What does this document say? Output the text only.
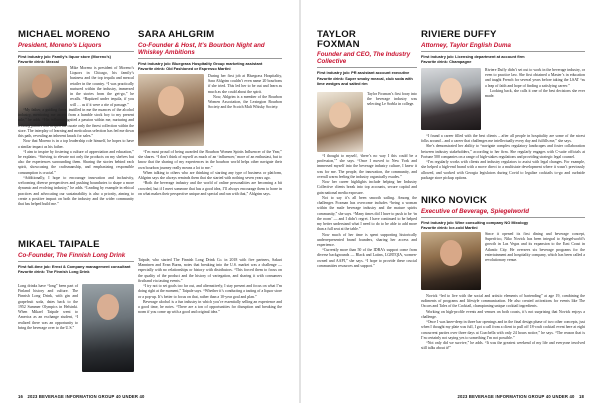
MICHAEL MORENO
President, Moreno’s Liquors
First industry job: Family’s liquor store (Moreno’s)
Favorite drink: Mezcal

Mike Moreno is president of Moreno’s Liquors in Chicago, his family’s business and the top tequila and mezcal retailer in the country. “I was practically nurtured within the industry, immersed in the stories from the get-go,” he recalls. “Baptized under tequila, if you will … as if it were a rite of passage.”

“My father, a guiding force, instilled in me the nuances of the alcohol industry, mentoring me ascent from a humble stock boy to my present role,” he adds. “His influence ignited a passion within me, nurturing and refining palates that helped me curate only the finest collection within the store. The interplay of learning and meticulous selection has fed me down this path, revealing an inherent knack for sales.”

Now that Moreno is in a top leadership role himself, he hopes to have a similar impact as his father.

“I aim to inspire by fostering a culture of appreciation and education,” he explains. “Striving to elevate not only the products on my shelves but also the experiences surrounding them. Sharing the stories behind each spirit, showcasing the craftsmanship, and emphasizing responsible consumption is crucial.”

“Additionally, I hope to encourage innovation and inclusivity, welcoming diverse perspectives and pushing boundaries to shape a more dynamic and evolving industry,” he adds. “Leading by example in ethical practices and advocating our sustainability is also a priority, aiming to create a positive impact on both the industry and the wider community that has helped build me.”

SARA AHLGRIM
Co-Founder & Host, It’s Bourbon Night and Whiskey Ambitions
First industry job: Bluegrass Hospitality Group marketing assistant
Favorite drink: Old Fashioned or Espresso Martini

During her first job at Bluegrass Hospitality, Sara Ahlgrim couldn’t even name 20 bourbons if she tried. This led her to be out and learn as much as she could about the spirit.

Now, Ahlgrim is a member of the Bourbon Women Association, the Lexington Bourbon Society and the Scotch Malt Whisky Society.

“I’m most proud of being awarded the Bourbon Women Spirits Influencer of the Year,” she shares. “I don’t think of myself as much of an ‘influencer,’ more of an enthusiast, but to know that the sharing of my experiences in the bourbon world helps other navigate their own bourbon journey really means a lot to me.”

When talking to others who are thinking of starting any type of business or platform, Ahlgrim says she always reminds them that she started with nothing seven years ago.

“Both the beverage industry and the world of online personalities are becoming a bit crowded, but if I meet someone that has a good idea, I’ll always encourage them to hone in on what makes their perspective unique and special and run with that,” Ahlgrim says.

MIKAEL TAIPALE
Co-Founder, The Finnish Long Drink
First full-time job: Ernst & Company management consultant
Favorite drink: The Finnish Long Drink

Long drinks have “long” been part of Finland history and culture. The Finnish Long Drink, with gin and grapefruit soda, dates back to the 1952 Summer Olympics in Helsinki. When Mikael Taipale went to America as an exchange student, “I realized there was an opportunity to bring the beverage over to the U.S.”

Taipale, who started The Finnish Long Drink Co. in 2018 with five partners, Sakari Manninen and Evan Burns, notes that breaking into the U.S. market was a challenge — especially with no relationships or history with distributors. “This forced them to focus on the quality of the product and the history of variegation, and sharing it with consumers firsthand via tasting events.”

“I try not to set goals too far out, and alternatively, I stay present and focus on what I’m doing right at the moment,” Taipale says. “Whether it’s conducting a tasting of a liquor store or a pop-up. It’s better to focus on that, rather than a 10-year goal and plan.”

Beverage alcohol is a fun industry in which you’re essentially selling an experience and a good time, he notes. “There are a ton of opportunities for disruption and breaking the norm if you come up with a good and original idea.”

16 2023 BEVERAGE INFORMATION GROUP 40 UNDER 40
TAYLOR FOXMAN
Founder and CEO, The Industry Collective
First industry job: PR assistant account executive
Favorite drink: Super smoky mezcal, club soda with lime wedges and salted rim

Taylor Foxman’s first foray into the beverage industry was selecting Le Sorbla in college.

“I thought to myself, ‘there’s no way I this could be a profession,’” she says. “Once I moved to New York and immersed myself into the beverage industry culture, I knew it was for me. The people, the innovation, the community, and overall warm feeling the industry organically exudes.”

Now her career highlights include helping her Industry Collective clients break into top accounts, secure capital and gain national media exposure.

Not to say it’s all been smooth sailing. Among the challenges Foxman has overcome includes “being a woman within the male beverage industry and the mature spirits community,” she says. “Many times did I have to push to be ‘in the room’ — and I didn’t regret. I have continued to be helped my better understand what I need to do to be able to add more than a full seat at the table.”

Now much of her time is spent supporting historically underrepresented brand founders, sharing her access and experience.

“Currently more than 50 of the IDBA’s support come from diverse backgrounds — Black and Latinx, LGBTQIA, women-owned and AAPI,” she says. “I hope to provide these crucial communities resources and support.”

RIVIERE DUFFY
Attorney, Taylor English Duma
First industry job: Licensing department at account firm
Favorite drink: Champagne

Riviere Duffy didn’t set out to work in the beverage industry, or even to practice law. She first obtained a Master’s in education and taught French for several years before taking the LSAT “as a leap of faith and hope of finding a satisfying career.”

Looking back, she calls it one of the best decisions she ever made.

“I found a career filled with the best clients – after all people in hospitality are some of the nicest folks around – and a career that challenges me intellectually every day and fulfills me,” she says.

She’s demonstrated her ability to “navigate complex regulatory landscapes and foster collaboration between industry stakeholders,” according to her firm. She regularly engages with C-suite officials at Fortune 500 companies on a range of high-stakes regulations and providing strategic legal counsel.

“I’m regularly works with clients and industry regulators to assist with legal changes. For example, she helped a high-end brand with a move direct to a multistate development where it wasn’t previously allowed, and worked with Georgia legislators during Covid to legalize cocktails to-go and curbside package store pickup options.

NIKO NOVICK
Executive of Beverage, Spiegelworld
First industry job: Wine consulting company NO Mixology
Favorite drink: Ice-cold Martini

Since it opened its first dining and beverage concept, Superfrico, Niko Novick has been integral to Spiegelworld’s growth in Las Vegas and its expansion to the East Coast in Atlantic City. He oversees six beverage programs for the entertainment and hospitality company, which has been called a revolutionary venue.

Novick “led to live with the social and artistic elements of bartending” at age 19, combining the rudiments of programs and lifestyle communication. He also created activations for events like The Oscars and Tales of the Cocktail, championing unique cocktail ingredients.

Working on high-profile events and venues on both coasts, it’s not surprising that Novick enjoys a challenge.

“Once I was knee-deep in three bar openings and in the final design phase of two other concepts, just when I thought my plate was full, I got a call from a client to pull off 18-craft cocktail event here at eight concurrent parties over three days at Coachella with only 24 hours notice,” he says. “The reason that is I’m certainly not saying yes to something I’m not possible.”

“Not only did we survive,” he adds. “It was the greatest weekend of my life and everyone involved still talks about it!”

2023 BEVERAGE INFORMATION GROUP 40 UNDER 40 18
